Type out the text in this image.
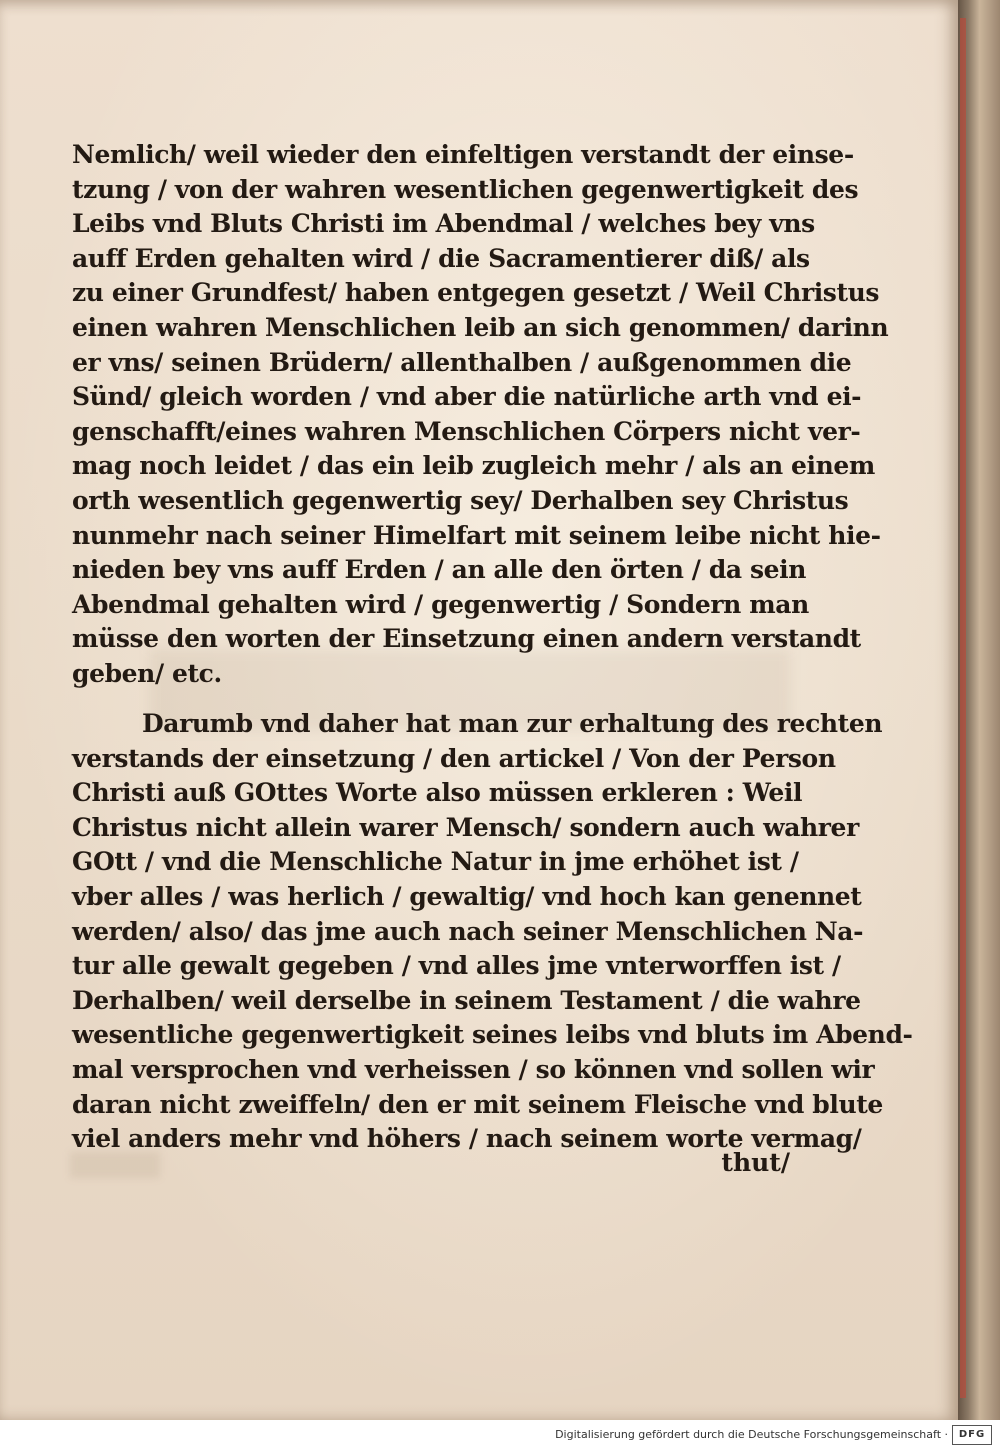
Nemlich/ weil wieder den einfeltigen verstandt der einse-
tzung / von der wahren wesentlichen gegenwertigkeit des
Leibs vnd Bluts Christi im Abendmal / welches bey vns
auff Erden gehalten wird / die Sacramentierer diß/ als
zu einer Grundfest/ haben entgegen gesetzt / Weil Christus
einen wahren Menschlichen leib an sich genommen/ darinn
er vns/ seinen Brüdern/ allenthalben / außgenommen die
Sünd/ gleich worden / vnd aber die natürliche arth vnd ei-
genschafft/eines wahren Menschlichen Cörpers nicht ver-
mag noch leidet / das ein leib zugleich mehr / als an einem
orth wesentlich gegenwertig sey/ Derhalben sey Christus
nunmehr nach seiner Himelfart mit seinem leibe nicht hie-
nieden bey vns auff Erden / an alle den örten / da sein
Abendmal gehalten wird / gegenwertig / Sondern man
müsse den worten der Einsetzung einen andern verstandt
geben/ etc.
Darumb vnd daher hat man zur erhaltung des rechten
verstands der einsetzung / den artickel / Von der Person
Christi auß GOttes Worte also müssen erkleren : Weil
Christus nicht allein warer Mensch/ sondern auch wahrer
GOtt / vnd die Menschliche Natur in jme erhöhet ist /
vber alles / was herlich / gewaltig/ vnd hoch kan genennet
werden/ also/ das jme auch nach seiner Menschlichen Na-
tur alle gewalt gegeben / vnd alles jme vnterworffen ist /
Derhalben/ weil derselbe in seinem Testament / die wahre
wesentliche gegenwertigkeit seines leibs vnd bluts im Abend-
mal versprochen vnd verheissen / so können vnd sollen wir
daran nicht zweiffeln/ den er mit seinem Fleische vnd blute
viel anders mehr vnd höhers / nach seinem worte vermag/
thut/
Digitalisierung gefördert durch die Deutsche Forschungsgemeinschaft ·	DFG
